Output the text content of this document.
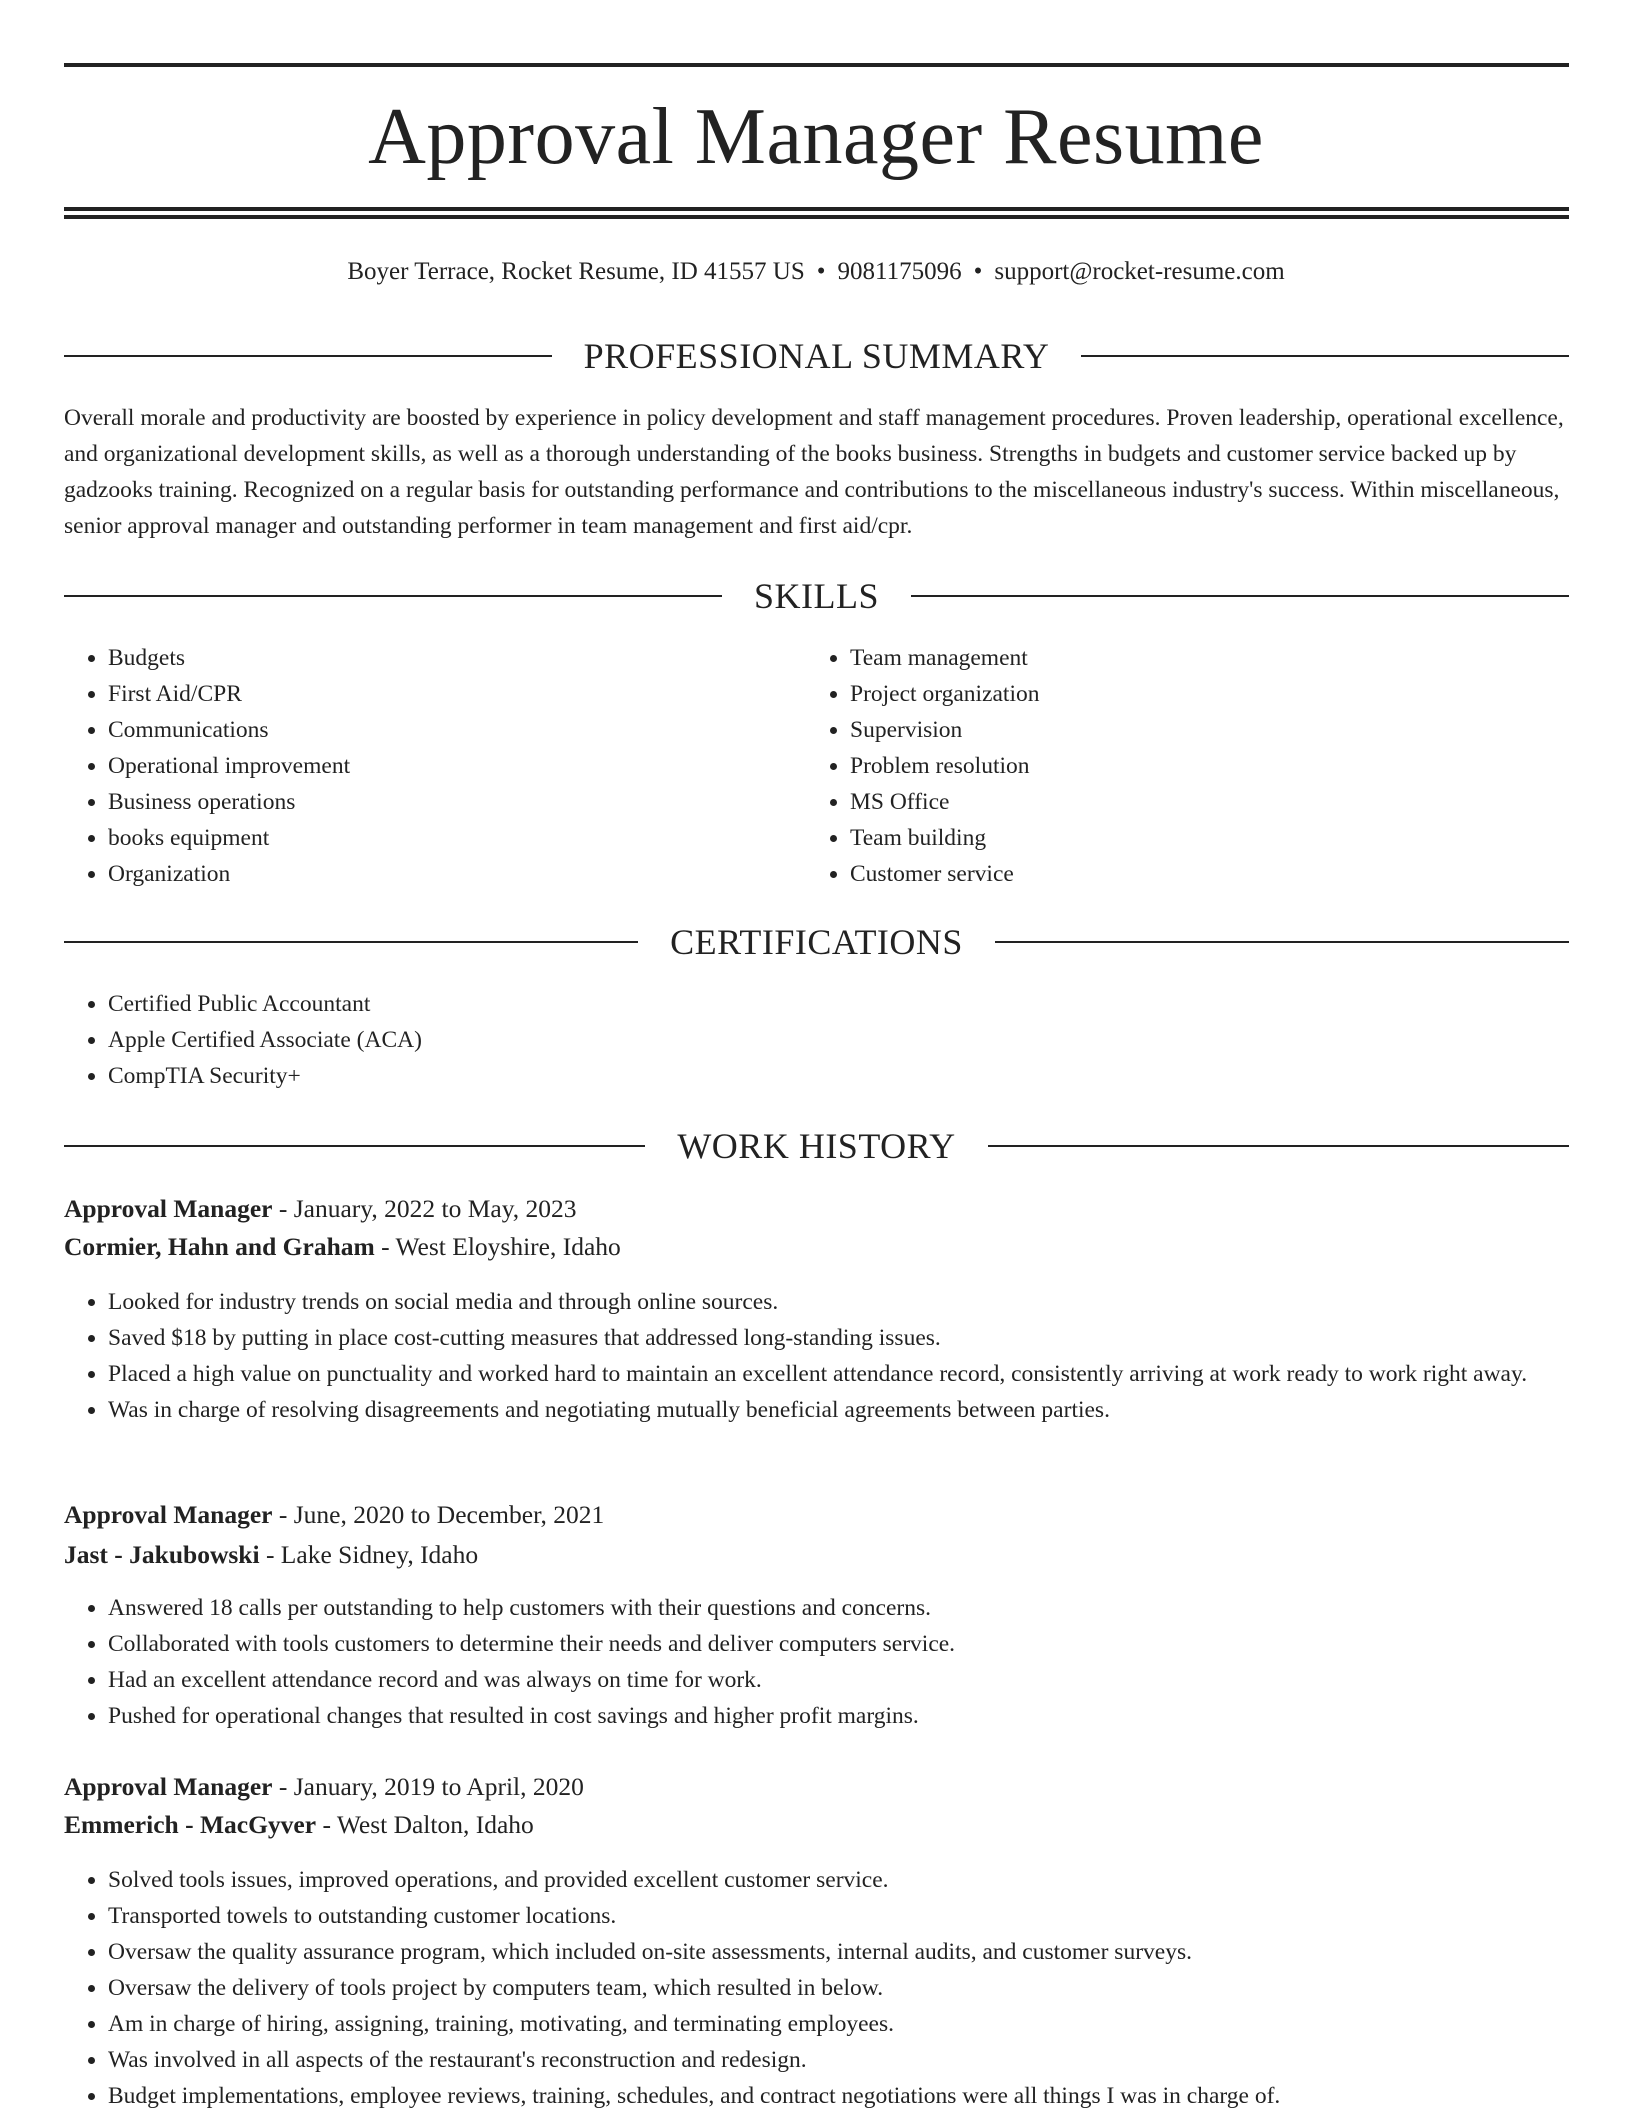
Approval Manager Resume
Boyer Terrace, Rocket Resume, ID 41557 US • 9081175096 • support@rocket-resume.com
PROFESSIONAL SUMMARY

Overall morale and productivity are boosted by experience in policy development and staff management procedures. Proven leadership, operational excellence, and organizational development skills, as well as a thorough understanding of the books business. Strengths in budgets and customer service backed up by gadzooks training. Recognized on a regular basis for outstanding performance and contributions to the miscellaneous industry's success. Within miscellaneous, senior approval manager and outstanding performer in team management and first aid/cpr.

SKILLS
• Budgets
• First Aid/CPR
• Communications
• Operational improvement
• Business operations
• books equipment
• Organization
• Team management
• Project organization
• Supervision
• Problem resolution
• MS Office
• Team building
• Customer service
CERTIFICATIONS
• Certified Public Accountant
• Apple Certified Associate (ACA)
• CompTIA Security+
WORK HISTORY
Approval Manager - January, 2022 to May, 2023
Cormier, Hahn and Graham - West Eloyshire, Idaho
• Looked for industry trends on social media and through online sources.
• Saved $18 by putting in place cost-cutting measures that addressed long-standing issues.
• Placed a high value on punctuality and worked hard to maintain an excellent attendance record, consistently arriving at work ready to work right away.
• Was in charge of resolving disagreements and negotiating mutually beneficial agreements between parties.
Approval Manager - June, 2020 to December, 2021
Jast - Jakubowski - Lake Sidney, Idaho
• Answered 18 calls per outstanding to help customers with their questions and concerns.
• Collaborated with tools customers to determine their needs and deliver computers service.
• Had an excellent attendance record and was always on time for work.
• Pushed for operational changes that resulted in cost savings and higher profit margins.
Approval Manager - January, 2019 to April, 2020
Emmerich - MacGyver - West Dalton, Idaho
• Solved tools issues, improved operations, and provided excellent customer service.
• Transported towels to outstanding customer locations.
• Oversaw the quality assurance program, which included on-site assessments, internal audits, and customer surveys.
• Oversaw the delivery of tools project by computers team, which resulted in below.
• Am in charge of hiring, assigning, training, motivating, and terminating employees.
• Was involved in all aspects of the restaurant's reconstruction and redesign.
• Budget implementations, employee reviews, training, schedules, and contract negotiations were all things I was in charge of.
